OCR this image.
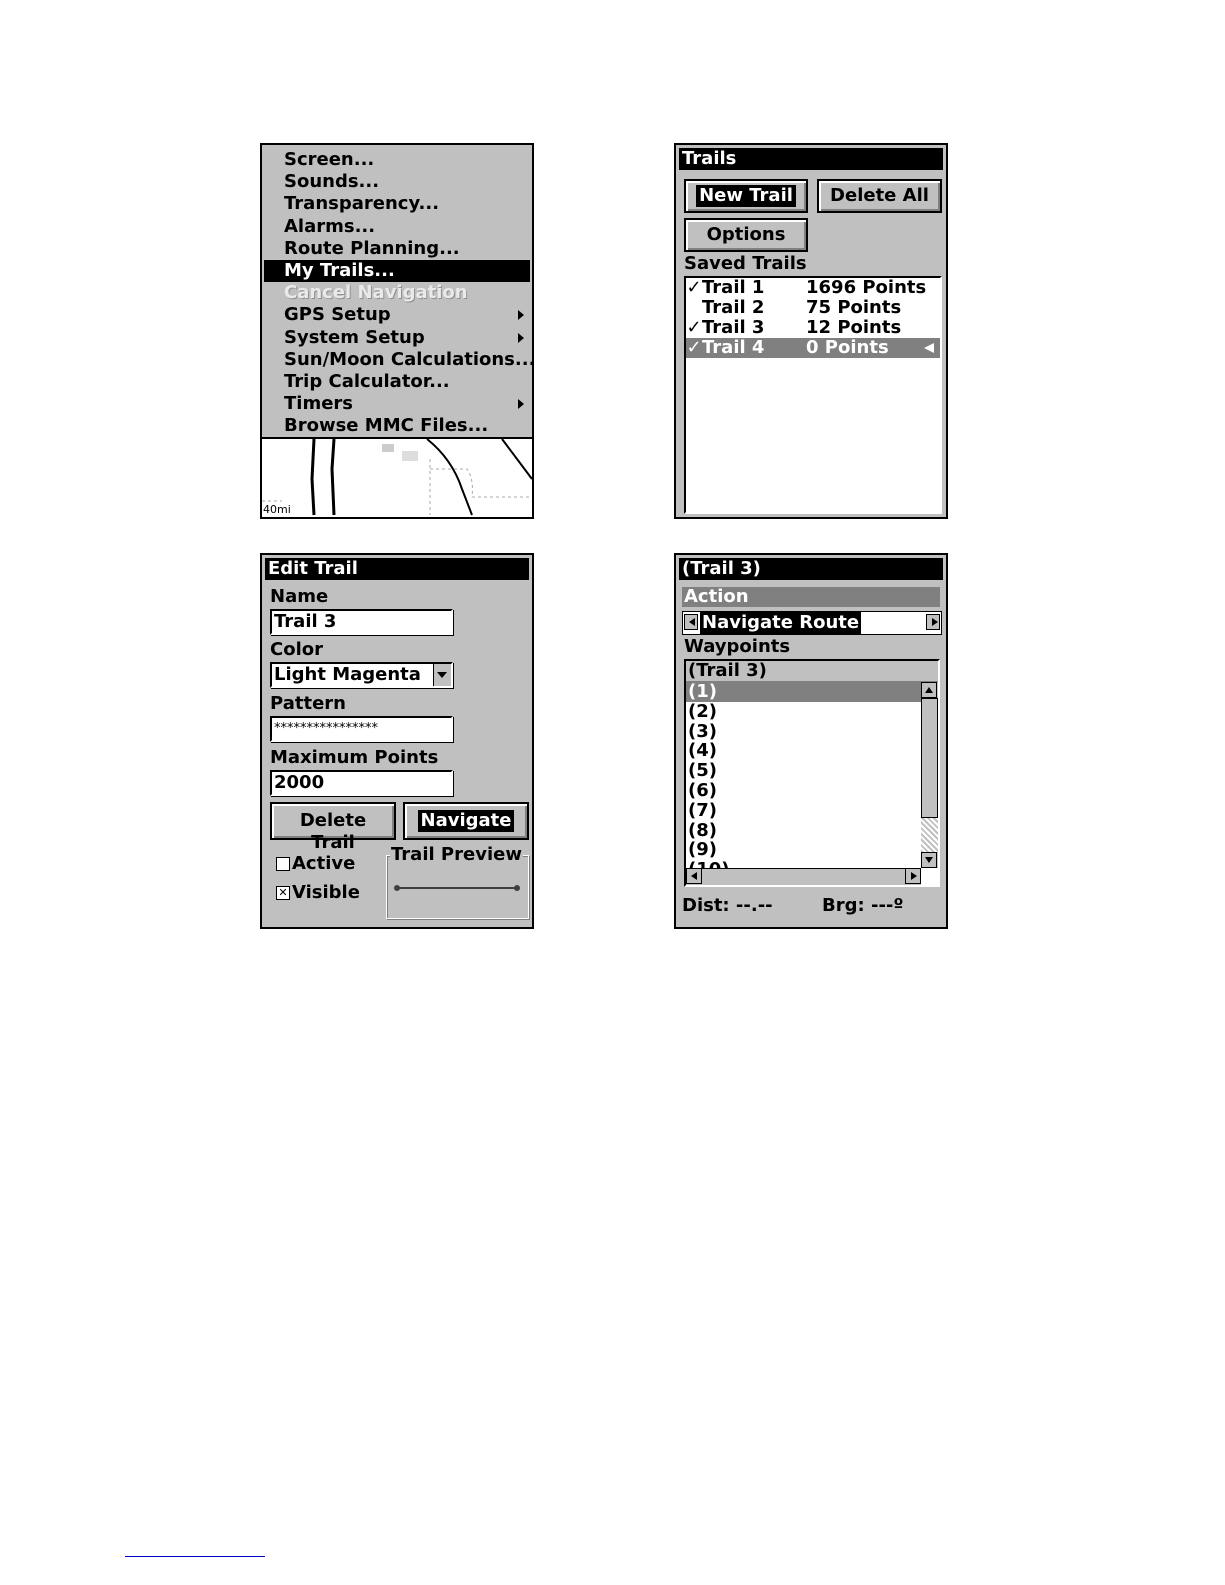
Screen...
Sounds...
Transparency...
Alarms...
Route Planning...
My Trails...
Cancel Navigation
GPS Setup
System Setup
Sun/Moon Calculations...
Trip Calculator...
Timers
Browse MMC Files...
40mi
Trails
New Trail	Delete All
Options
Saved Trails
✓Trail 1 1696 Points
Trail 2 75 Points
✓Trail 3 12 Points
✓Trail 4 0 Points
Edit Trail
Name
Trail 3
Color
Light Magenta
Pattern
****************
Maximum Points
2000
Delete Trail
Navigate
Active
✕ Visible
Trail Preview
(Trail 3)
Action
Navigate Route
Waypoints
(Trail 3)
(1)
(2)
(3)
(4)
(5)
(6)
(7)
(8)
(9)
Dist: --.--	Brg: ---º
